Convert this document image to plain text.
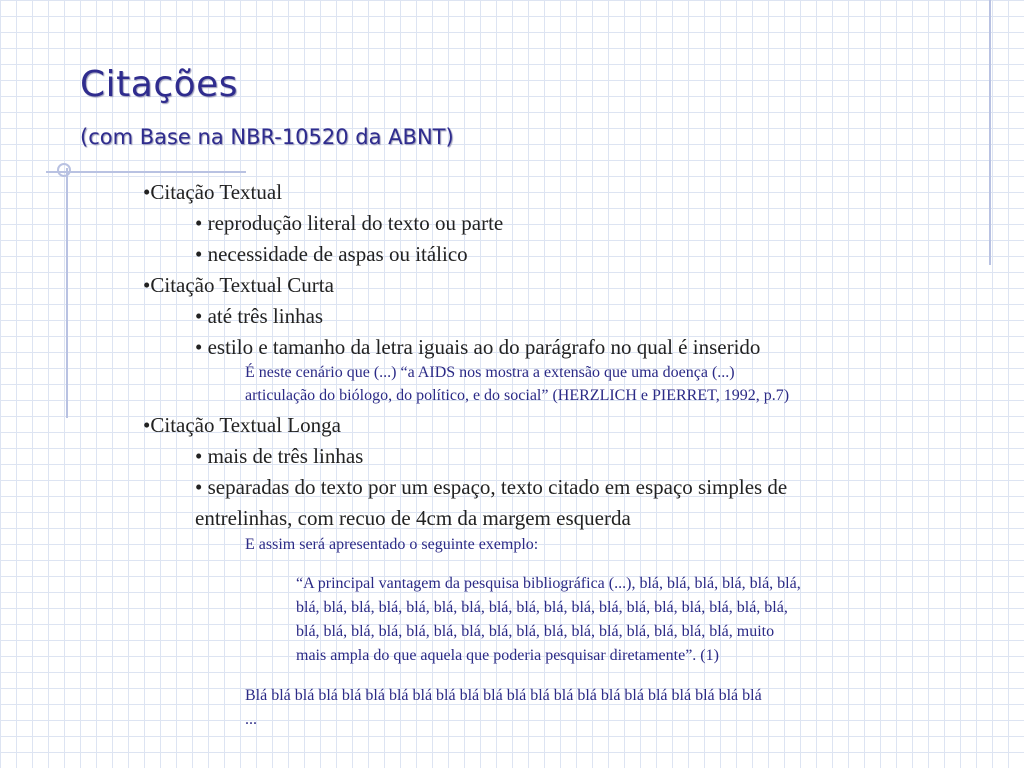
Citações
(com Base na NBR-10520 da ABNT)
•Citação Textual
• reprodução literal do texto ou parte
• necessidade de aspas ou itálico
•Citação Textual Curta
• até três linhas
• estilo e tamanho da letra iguais ao do parágrafo no qual é inserido
É neste cenário que (...) “a AIDS nos mostra a extensão que uma doença (...)
articulação do biólogo, do político, e do social” (HERZLICH e PIERRET, 1992, p.7)
•Citação Textual Longa
• mais de três linhas
• separadas do texto por um espaço, texto citado em espaço simples de
entrelinhas, com recuo de 4cm da margem esquerda
E assim será apresentado o seguinte exemplo:
“A principal vantagem da pesquisa bibliográfica (...), blá, blá, blá, blá, blá, blá,
blá, blá, blá, blá, blá, blá, blá, blá, blá, blá, blá, blá, blá, blá, blá, blá, blá, blá,
blá, blá, blá, blá, blá, blá, blá, blá, blá, blá, blá, blá, blá, blá, blá, blá, muito
mais ampla do que aquela que poderia pesquisar diretamente”. (1)
Blá blá blá blá blá blá blá blá blá blá blá blá blá blá blá blá blá blá blá blá blá blá
...
